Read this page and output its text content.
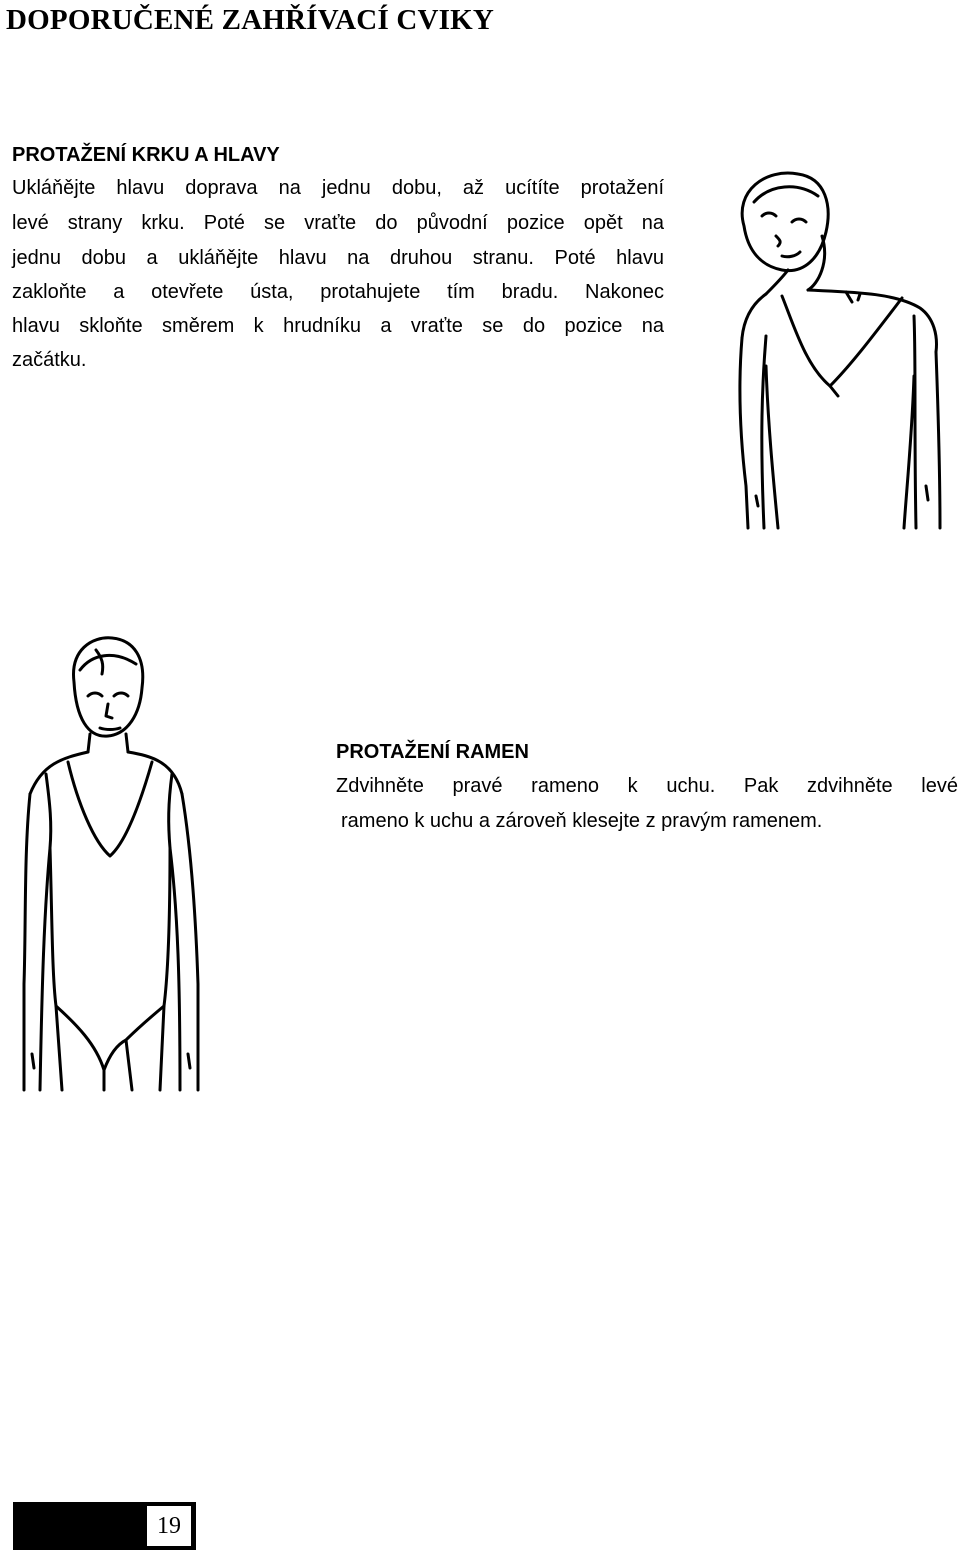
DOPORUČENÉ ZAHŘÍVACÍ CVIKY
PROTAŽENÍ KRKU A HLAVY
Ukláňějte hlavu doprava na jednu dobu, až ucítíte protažení
levé strany krku. Poté se vraťte do původní pozice opět na
jednu dobu a ukláňějte hlavu na druhou stranu. Poté hlavu
zakloňte a otevřete ústa, protahujete tím bradu. Nakonec
hlavu skloňte směrem k hrudníku a vraťte se do pozice na
začátku.
PROTAŽENÍ RAMEN
Zdvihněte pravé rameno k uchu. Pak zdvihněte levé
rameno k uchu a zároveň klesejte z pravým ramenem.
19
